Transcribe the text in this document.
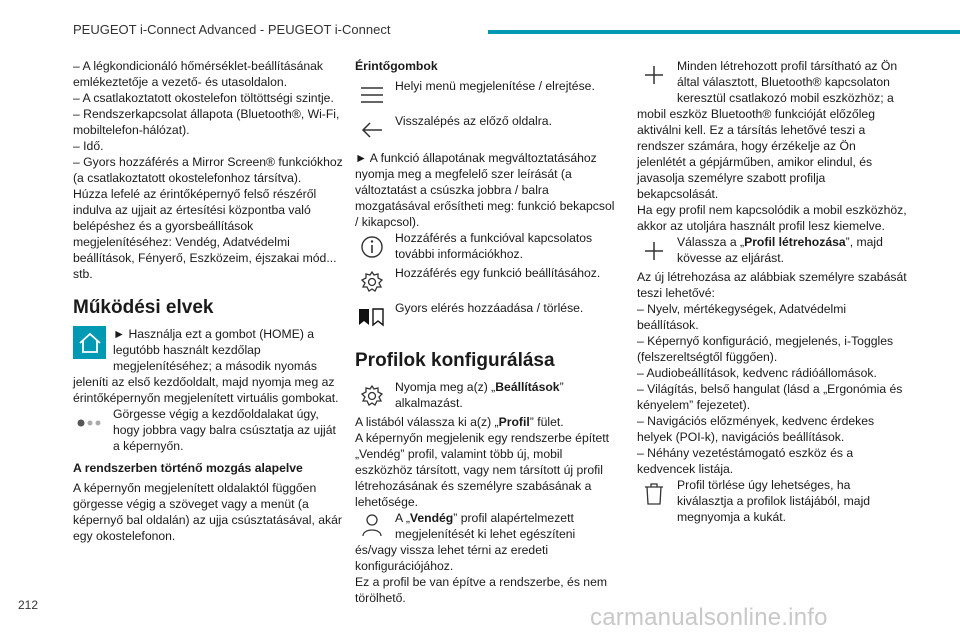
PEUGEOT i-Connect Advanced - PEUGEOT i-Connect

– A légkondicionáló hőmérséklet-beállításának emlékeztetője a vezető- és utasoldalon.

– A csatlakoztatott okostelefon töltöttségi szintje.

– Rendszerkapcsolat állapota (Bluetooth®, Wi-Fi, mobiltelefon-hálózat).

– Idő.

– Gyors hozzáférés a Mirror Screen® funkciókhoz (a csatlakoztatott okostelefonhoz társítva).

Húzza lefelé az érintőképernyő felső részéről indulva az ujjait az értesítési központba való belépéshez és a gyorsbeállítások megjelenítéséhez: Vendég, Adatvédelmi beállítások, Fényerő, Eszközeim, éjszakai mód... stb.

Működési elvek
► Használja ezt a gombot (HOME) a legutóbb használt kezdőlap megjelenítéséhez; a második nyomás jeleníti az első kezdőoldalt, majd nyomja meg az érintőképernyőn megjelenített virtuális gombokat.
Görgesse végig a kezdőoldalakat úgy, hogy jobbra vagy balra csúsztatja az ujját a képernyőn.
A rendszerben történő mozgás alapelve

A képernyőn megjelenített oldalaktól függően görgesse végig a szöveget vagy a menüt (a képernyő bal oldalán) az ujja csúsztatásával, akár egy okostelefonon.

Érintőgombok
Helyi menü megjelenítése / elrejtése.
Visszalépés az előző oldalra.

► A funkció állapotának megváltoztatásához nyomja meg a megfelelő szer leírását (a változtatást a csúszka jobbra / balra mozgatásával erősítheti meg: funkció bekapcsol / kikapcsol).

Hozzáférés a funkcióval kapcsolatos további információkhoz.
Hozzáférés egy funkció beállításához.
Gyors elérés hozzáadása / törlése.
Profilok konfigurálása
Nyomja meg a(z) „Beállítások” alkalmazást.

A listából válassza ki a(z) „Profil” fület.

A képernyőn megjelenik egy rendszerbe épített „Vendég” profil, valamint több új, mobil eszközhöz társított, vagy nem társított új profil létrehozásának és személyre szabásának a lehetősége.

A „Vendég” profil alapértelmezett megjelenítését ki lehet egészíteni és/vagy vissza lehet térni az eredeti konfigurációjához.

Ez a profil be van építve a rendszerbe, és nem törölhető.

Minden létrehozott profil társítható az Ön által választott, Bluetooth® kapcsolaton keresztül csatlakozó mobil eszközhöz; a mobil eszköz Bluetooth® funkcióját előzőleg aktiválni kell. Ez a társítás lehetővé teszi a rendszer számára, hogy érzékelje az Ön jelenlétét a gépjárműben, amikor elindul, és javasolja személyre szabott profilja bekapcsolását.

Ha egy profil nem kapcsolódik a mobil eszközhöz, akkor az utoljára használt profil lesz kiemelve.

Válassza a „Profil létrehozása”, majd kövesse az eljárást.

Az új létrehozása az alábbiak személyre szabását teszi lehetővé:

– Nyelv, mértékegységek, Adatvédelmi beállítások.

– Képernyő konfiguráció, megjelenés, i-Toggles (felszereltségtől függően).

– Audiobeállítások, kedvenc rádióállomások.

– Világítás, belső hangulat (lásd a „Ergonómia és kényelem” fejezetet).

– Navigációs előzmények, kedvenc érdekes helyek (POI-k), navigációs beállítások.

– Néhány vezetéstámogató eszköz és a kedvencek listája.

Profil törlése úgy lehetséges, ha kiválasztja a profilok listájából, majd megnyomja a kukát.
212	carmanualsonline.info
